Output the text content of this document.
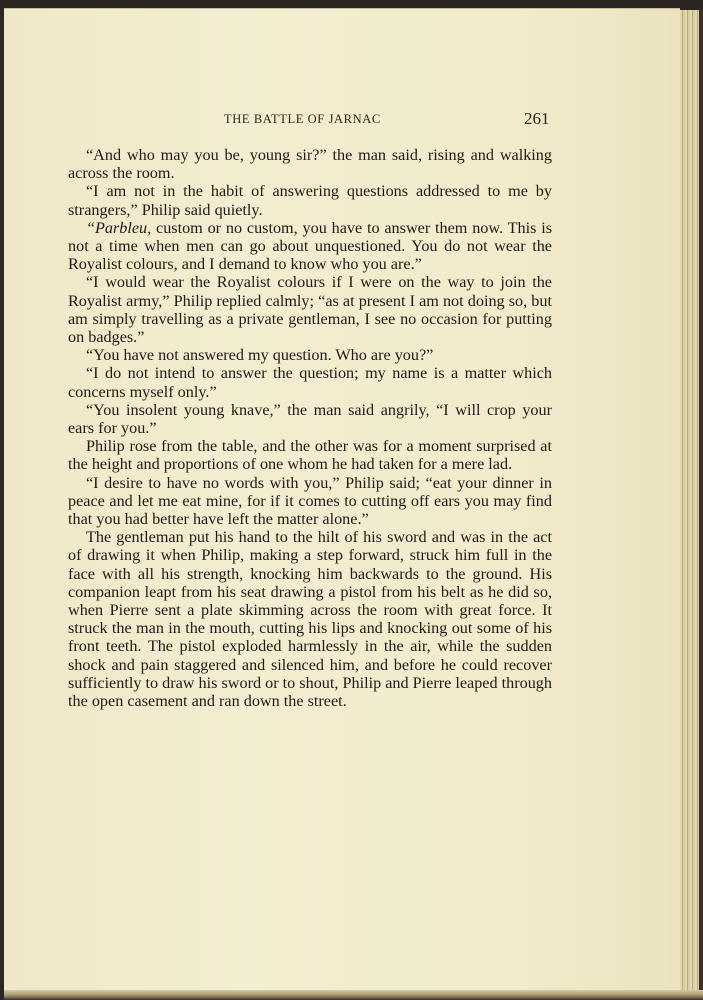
THE BATTLE OF JARNAC	261

“And who may you be, young sir?” the man said, rising and walking across the room.

“I am not in the habit of answering questions addressed to me by strangers,” Philip said quietly.

“Parbleu, custom or no custom, you have to answer them now. This is not a time when men can go about unquestioned. You do not wear the Royalist colours, and I demand to know who you are.”

“I would wear the Royalist colours if I were on the way to join the Royalist army,” Philip replied calmly; “as at present I am not doing so, but am simply travelling as a private gentleman, I see no occasion for putting on badges.”

“You have not answered my question. Who are you?”

“I do not intend to answer the question; my name is a matter which concerns myself only.”

“You insolent young knave,” the man said angrily, “I will crop your ears for you.”

Philip rose from the table, and the other was for a moment surprised at the height and proportions of one whom he had taken for a mere lad.

“I desire to have no words with you,” Philip said; “eat your dinner in peace and let me eat mine, for if it comes to cutting off ears you may find that you had better have left the matter alone.”

The gentleman put his hand to the hilt of his sword and was in the act of drawing it when Philip, making a step forward, struck him full in the face with all his strength, knocking him backwards to the ground. His companion leapt from his seat drawing a pistol from his belt as he did so, when Pierre sent a plate skimming across the room with great force. It struck the man in the mouth, cutting his lips and knocking out some of his front teeth. The pistol exploded harmlessly in the air, while the sudden shock and pain staggered and silenced him, and before he could recover sufficiently to draw his sword or to shout, Philip and Pierre leaped through the open casement and ran down the street.
